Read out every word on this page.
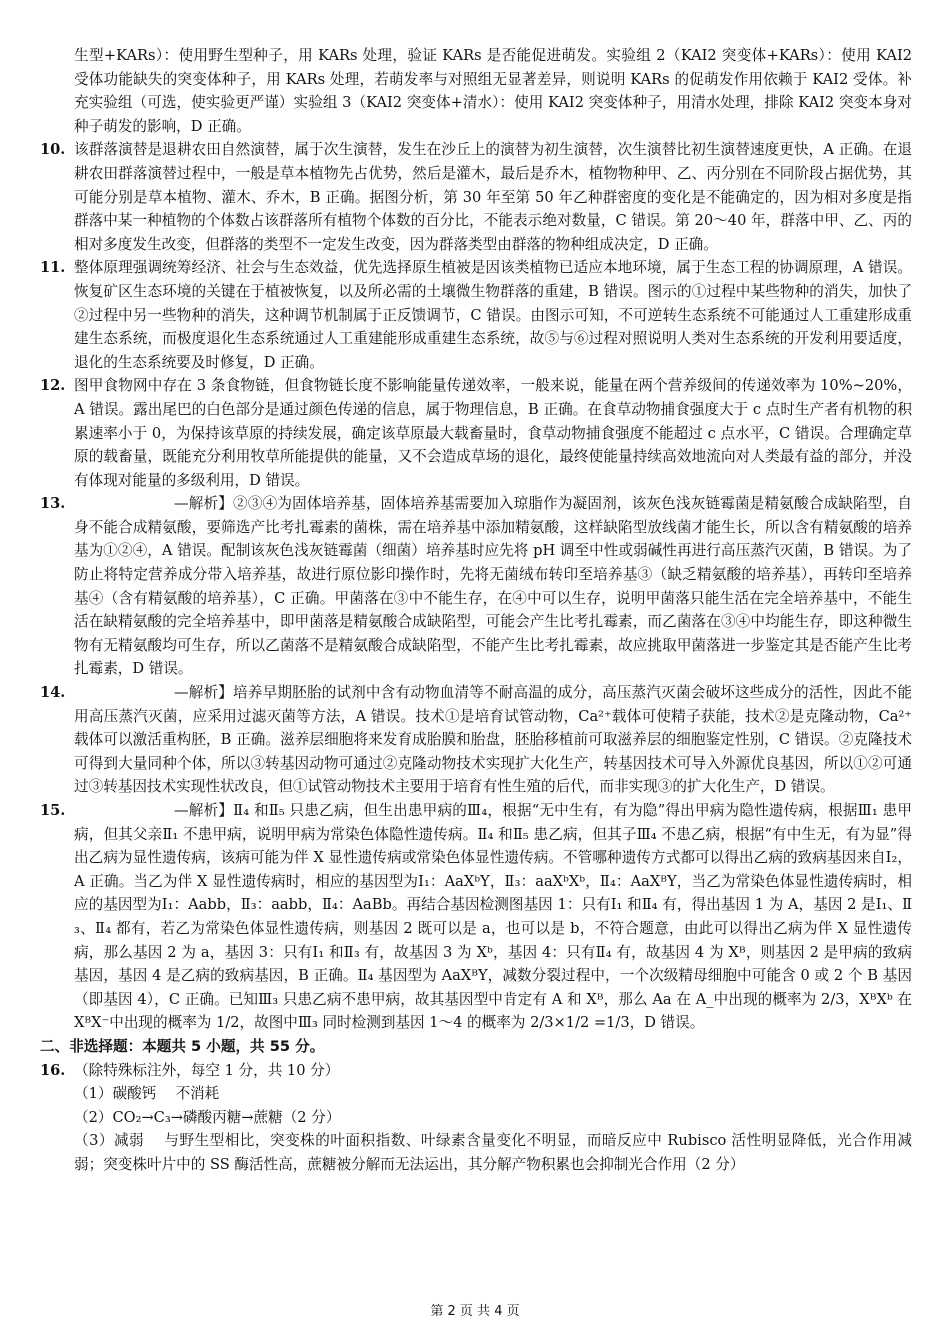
生型+KARs）：使用野生型种子，用 KARs 处理，验证 KARs 是否能促进萌发。实验组 2（KAI2 突变体+KARs）：使用 KAI2 受体功能缺失的突变体种子，用 KARs 处理，若萌发率与对照组无显著差异，则说明 KARs 的促萌发作用依赖于 KAI2 受体。补充实验组（可选，使实验更严谨）实验组 3（KAI2 突变体+清水）：使用 KAI2 突变体种子，用清水处理，排除 KAI2 突变本身对种子萌发的影响，D 正确。
10. 该群落演替是退耕农田自然演替，属于次生演替，发生在沙丘上的演替为初生演替，次生演替比初生演替速度更快，A 正确。在退耕农田群落演替过程中，一般是草本植物先占优势，然后是灌木，最后是乔木，植物物种甲、乙、丙分别在不同阶段占据优势，其可能分别是草本植物、灌木、乔木，B 正确。据图分析，第 30 年至第 50 年乙种群密度的变化是不能确定的，因为相对多度是指群落中某一种植物的个体数占该群落所有植物个体数的百分比，不能表示绝对数量，C 错误。第 20～40 年，群落中甲、乙、丙的相对多度发生改变，但群落的类型不一定发生改变，因为群落类型由群落的物种组成决定，D 正确。
11. 整体原理强调统筹经济、社会与生态效益，优先选择原生植被是因该类植物已适应本地环境，属于生态工程的协调原理，A 错误。恢复矿区生态环境的关键在于植被恢复，以及所必需的土壤微生物群落的重建，B 错误。图示的①过程中某些物种的消失，加快了②过程中另一些物种的消失，这种调节机制属于正反馈调节，C 错误。由图示可知，不可逆转生态系统不可能通过人工重建形成重建生态系统，而极度退化生态系统通过人工重建能形成重建生态系统，故⑤与⑥过程对照说明人类对生态系统的开发利用要适度，退化的生态系统要及时修复，D 正确。
12. 图甲食物网中存在 3 条食物链，但食物链长度不影响能量传递效率，一般来说，能量在两个营养级间的传递效率为 10%~20%，A 错误。露出尾巴的白色部分是通过颜色传递的信息，属于物理信息，B 正确。在食草动物捕食强度大于 c 点时生产者有机物的积累速率小于 0，为保持该草原的持续发展，确定该草原最大载畜量时，食草动物捕食强度不能超过 c 点水平，C 错误。合理确定草原的载畜量，既能充分利用牧草所能提供的能量，又不会造成草场的退化，最终使能量持续高效地流向对人类最有益的部分，并没有体现对能量的多级利用，D 错误。
13.	—解析】②③④为固体培养基，固体培养基需要加入琼脂作为凝固剂，该灰色浅灰链霉菌是精氨酸合成缺陷型，自身不能合成精氨酸，要筛选产比考扎霉素的菌株，需在培养基中添加精氨酸，这样缺陷型放线菌才能生长，所以含有精氨酸的培养基为①②④，A 错误。配制该灰色浅灰链霉菌（细菌）培养基时应先将 pH 调至中性或弱碱性再进行高压蒸汽灭菌，B 错误。为了防止将特定营养成分带入培养基，故进行原位影印操作时，先将无菌绒布转印至培养基③（缺乏精氨酸的培养基），再转印至培养基④（含有精氨酸的培养基），C 正确。甲菌落在③中不能生存，在④中可以生存，说明甲菌落只能生活在完全培养基中，不能生活在缺精氨酸的完全培养基中，即甲菌落是精氨酸合成缺陷型，可能会产生比考扎霉素，而乙菌落在③④中均能生存，即这种微生物有无精氨酸均可生存，所以乙菌落不是精氨酸合成缺陷型，不能产生比考扎霉素，故应挑取甲菌落进一步鉴定其是否能产生比考扎霉素，D 错误。
14.	—解析】培养早期胚胎的试剂中含有动物血清等不耐高温的成分，高压蒸汽灭菌会破坏这些成分的活性，因此不能用高压蒸汽灭菌，应采用过滤灭菌等方法，A 错误。技术①是培育试管动物，Ca²⁺载体可使精子获能，技术②是克隆动物，Ca²⁺载体可以激活重构胚，B 正确。滋养层细胞将来发育成胎膜和胎盘，胚胎移植前可取滋养层的细胞鉴定性别，C 错误。②克隆技术可得到大量同种个体，所以③转基因动物可通过②克隆动物技术实现扩大化生产，转基因技术可导入外源优良基因，所以①②可通过③转基因技术实现性状改良，但①试管动物技术主要用于培育有性生殖的后代，而非实现③的扩大化生产，D 错误。
15.	—解析】Ⅱ₄ 和Ⅱ₅ 只患乙病，但生出患甲病的Ⅲ₄，根据“无中生有，有为隐”得出甲病为隐性遗传病，根据Ⅲ₁ 患甲病，但其父亲Ⅱ₁ 不患甲病，说明甲病为常染色体隐性遗传病。Ⅱ₄ 和Ⅱ₅ 患乙病，但其子Ⅲ₄ 不患乙病，根据“有中生无，有为显”得出乙病为显性遗传病，该病可能为伴 X 显性遗传病或常染色体显性遗传病。不管哪种遗传方式都可以得出乙病的致病基因来自Ⅰ₂，A 正确。当乙为伴 X 显性遗传病时，相应的基因型为Ⅰ₁：AaXᵇY，Ⅱ₃：aaXᵇXᵇ，Ⅱ₄：AaXᴮY，当乙为常染色体显性遗传病时，相应的基因型为Ⅰ₁：Aabb，Ⅱ₃：aabb，Ⅱ₄：AaBb。再结合基因检测图基因 1：只有Ⅰ₁ 和Ⅱ₄ 有，得出基因 1 为 A，基因 2 是Ⅰ₁、Ⅱ₃、Ⅱ₄ 都有，若乙为常染色体显性遗传病，则基因 2 既可以是 a，也可以是 b，不符合题意，由此可以得出乙病为伴 X 显性遗传病，那么基因 2 为 a，基因 3：只有Ⅰ₁ 和Ⅱ₃ 有，故基因 3 为 Xᵇ，基因 4：只有Ⅱ₄ 有，故基因 4 为 Xᴮ，则基因 2 是甲病的致病基因，基因 4 是乙病的致病基因，B 正确。Ⅱ₄ 基因型为 AaXᴮY，减数分裂过程中，一个次级精母细胞中可能含 0 或 2 个 B 基因（即基因 4），C 正确。已知Ⅲ₃ 只患乙病不患甲病，故其基因型中肯定有 A 和 Xᴮ，那么 Aa 在 A_中出现的概率为 2/3，XᴮXᵇ 在 XᴮX⁻中出现的概率为 1/2，故图中Ⅲ₃ 同时检测到基因 1～4 的概率为 2/3×1/2 =1/3，D 错误。
二、非选择题：本题共 5 小题，共 55 分。
16. （除特殊标注外，每空 1 分，共 10 分）
（1）碳酸钙　 不消耗
（2）CO₂→C₃→磷酸丙糖→蔗糖（2 分）
（3）减弱　 与野生型相比，突变株的叶面积指数、叶绿素含量变化不明显，而暗反应中 Rubisco 活性明显降低，光合作用减弱；突变株叶片中的 SS 酶活性高，蔗糖被分解而无法运出，其分解产物积累也会抑制光合作用（2 分）
第 2 页 共 4 页
